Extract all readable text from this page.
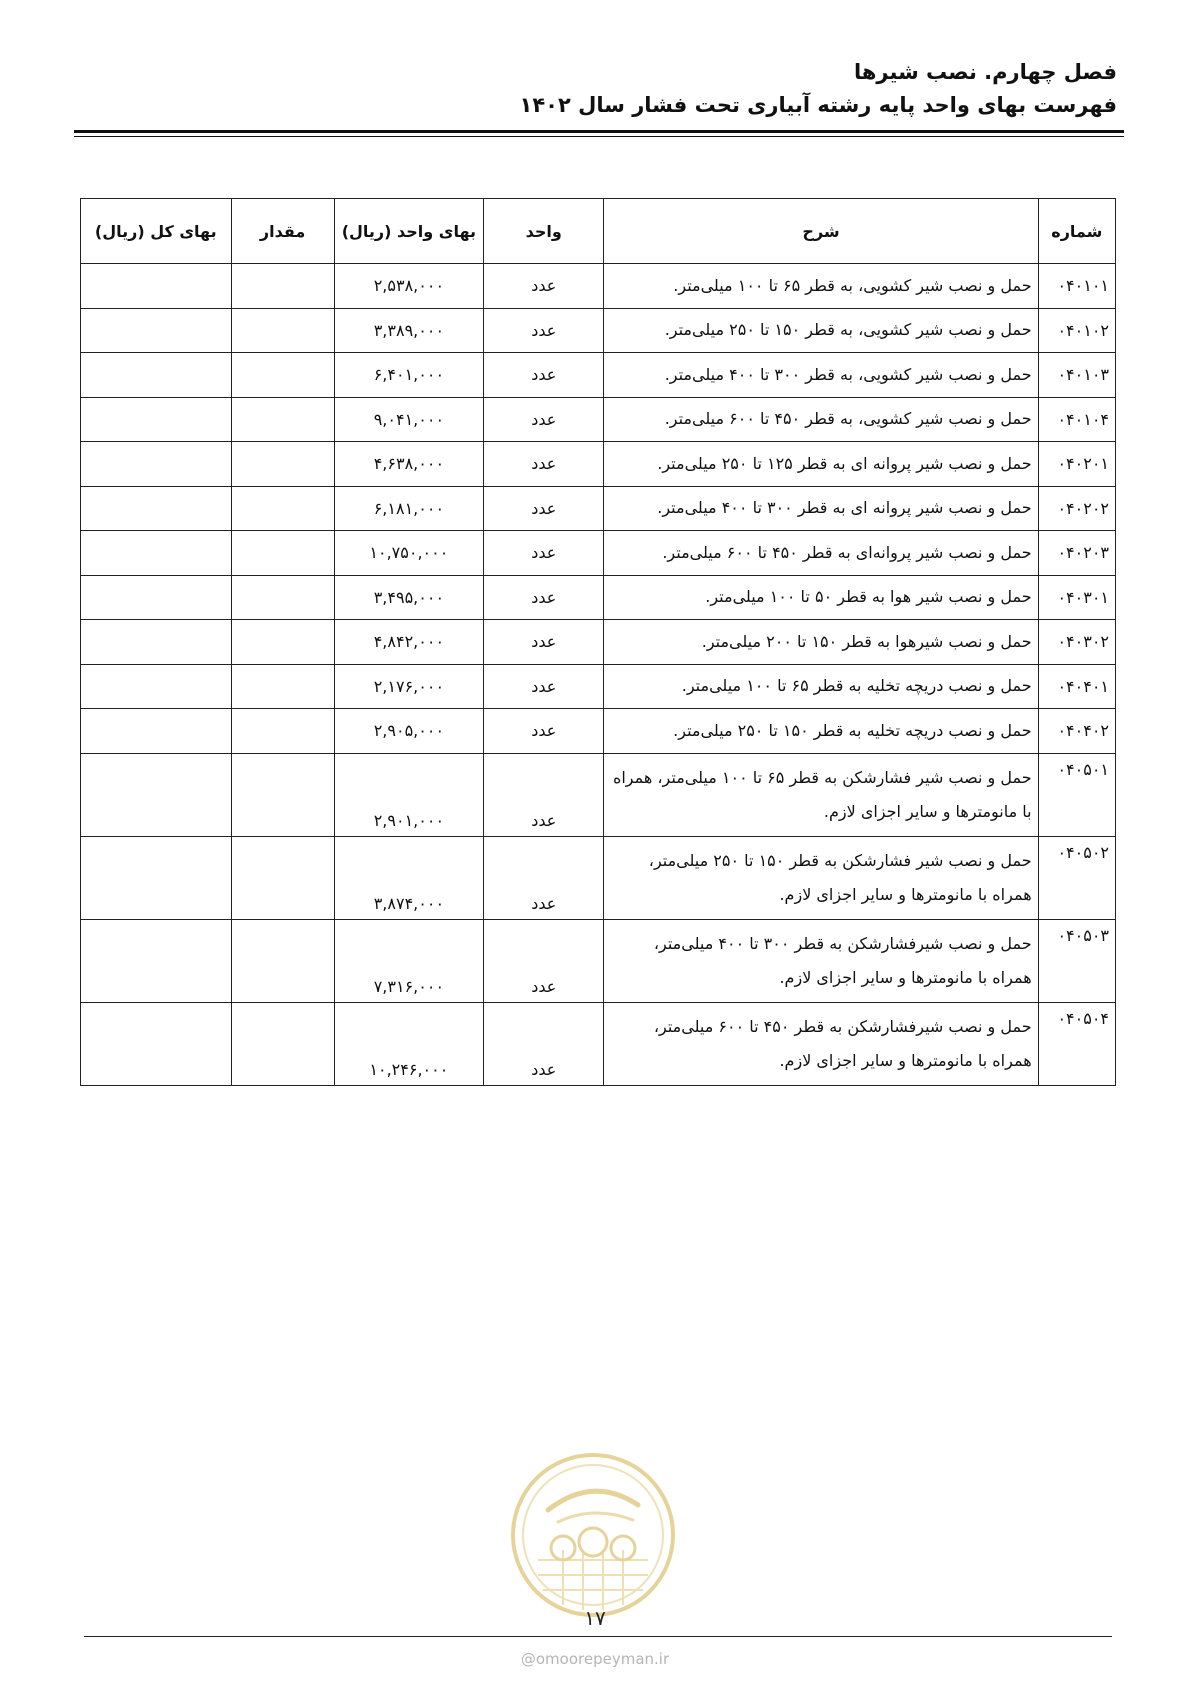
فصل چهارم. نصب شیرها
فهرست بهای واحد پایه رشته آبیاری تحت فشار سال ۱۴۰۲
شماره	شرح	واحد	بهای واحد (ریال)	مقدار	بهای کل (ریال)
۰۴۰۱۰۱	حمل و نصب شیر کشویی، به قطر ۶۵ تا ۱۰۰ میلی‌متر.	عدد	۲,۵۳۸,۰۰۰		
۰۴۰۱۰۲	حمل و نصب شیر کشویی، به قطر ۱۵۰ تا ۲۵۰ میلی‌متر.	عدد	۳,۳۸۹,۰۰۰		
۰۴۰۱۰۳	حمل و نصب شیر کشویی، به قطر ۳۰۰ تا ۴۰۰ میلی‌متر.	عدد	۶,۴۰۱,۰۰۰		
۰۴۰۱۰۴	حمل و نصب شیر کشویی، به قطر ۴۵۰ تا ۶۰۰ میلی‌متر.	عدد	۹,۰۴۱,۰۰۰		
۰۴۰۲۰۱	حمل و نصب شیر پروانه ای به قطر ۱۲۵ تا ۲۵۰ میلی‌متر.	عدد	۴,۶۳۸,۰۰۰		
۰۴۰۲۰۲	حمل و نصب شیر پروانه ای به قطر ۳۰۰ تا ۴۰۰ میلی‌متر.	عدد	۶,۱۸۱,۰۰۰		
۰۴۰۲۰۳	حمل و نصب شیر پروانه‌ای به قطر ۴۵۰ تا ۶۰۰ میلی‌متر.	عدد	۱۰,۷۵۰,۰۰۰		
۰۴۰۳۰۱	حمل و نصب شیر هوا به قطر ۵۰ تا ۱۰۰ میلی‌متر.	عدد	۳,۴۹۵,۰۰۰		
۰۴۰۳۰۲	حمل و نصب شیرهوا به قطر ۱۵۰ تا ۲۰۰ میلی‌متر.	عدد	۴,۸۴۲,۰۰۰		
۰۴۰۴۰۱	حمل و نصب دریچه تخلیه به قطر ۶۵ تا ۱۰۰ میلی‌متر.	عدد	۲,۱۷۶,۰۰۰		
۰۴۰۴۰۲	حمل و نصب دریچه تخلیه به قطر ۱۵۰ تا ۲۵۰ میلی‌متر.	عدد	۲,۹۰۵,۰۰۰		
۰۴۰۵۰۱	حمل و نصب شیر فشارشکن به قطر ۶۵ تا ۱۰۰ میلی‌متر، همراه با مانومترها و سایر اجزای لازم.	عدد	۲,۹۰۱,۰۰۰		
۰۴۰۵۰۲	حمل و نصب شیر فشارشکن به قطر ۱۵۰ تا ۲۵۰ میلی‌متر، همراه با مانومترها و سایر اجزای لازم.	عدد	۳,۸۷۴,۰۰۰		
۰۴۰۵۰۳	حمل و نصب شیرفشارشکن به قطر ۳۰۰ تا ۴۰۰ میلی‌متر، همراه با مانومترها و سایر اجزای لازم.	عدد	۷,۳۱۶,۰۰۰		
۰۴۰۵۰۴	حمل و نصب شیرفشارشکن به قطر ۴۵۰ تا ۶۰۰ میلی‌متر، همراه با مانومترها و سایر اجزای لازم.	عدد	۱۰,۲۴۶,۰۰۰		
۱۷
@omoorepeyman.ir
